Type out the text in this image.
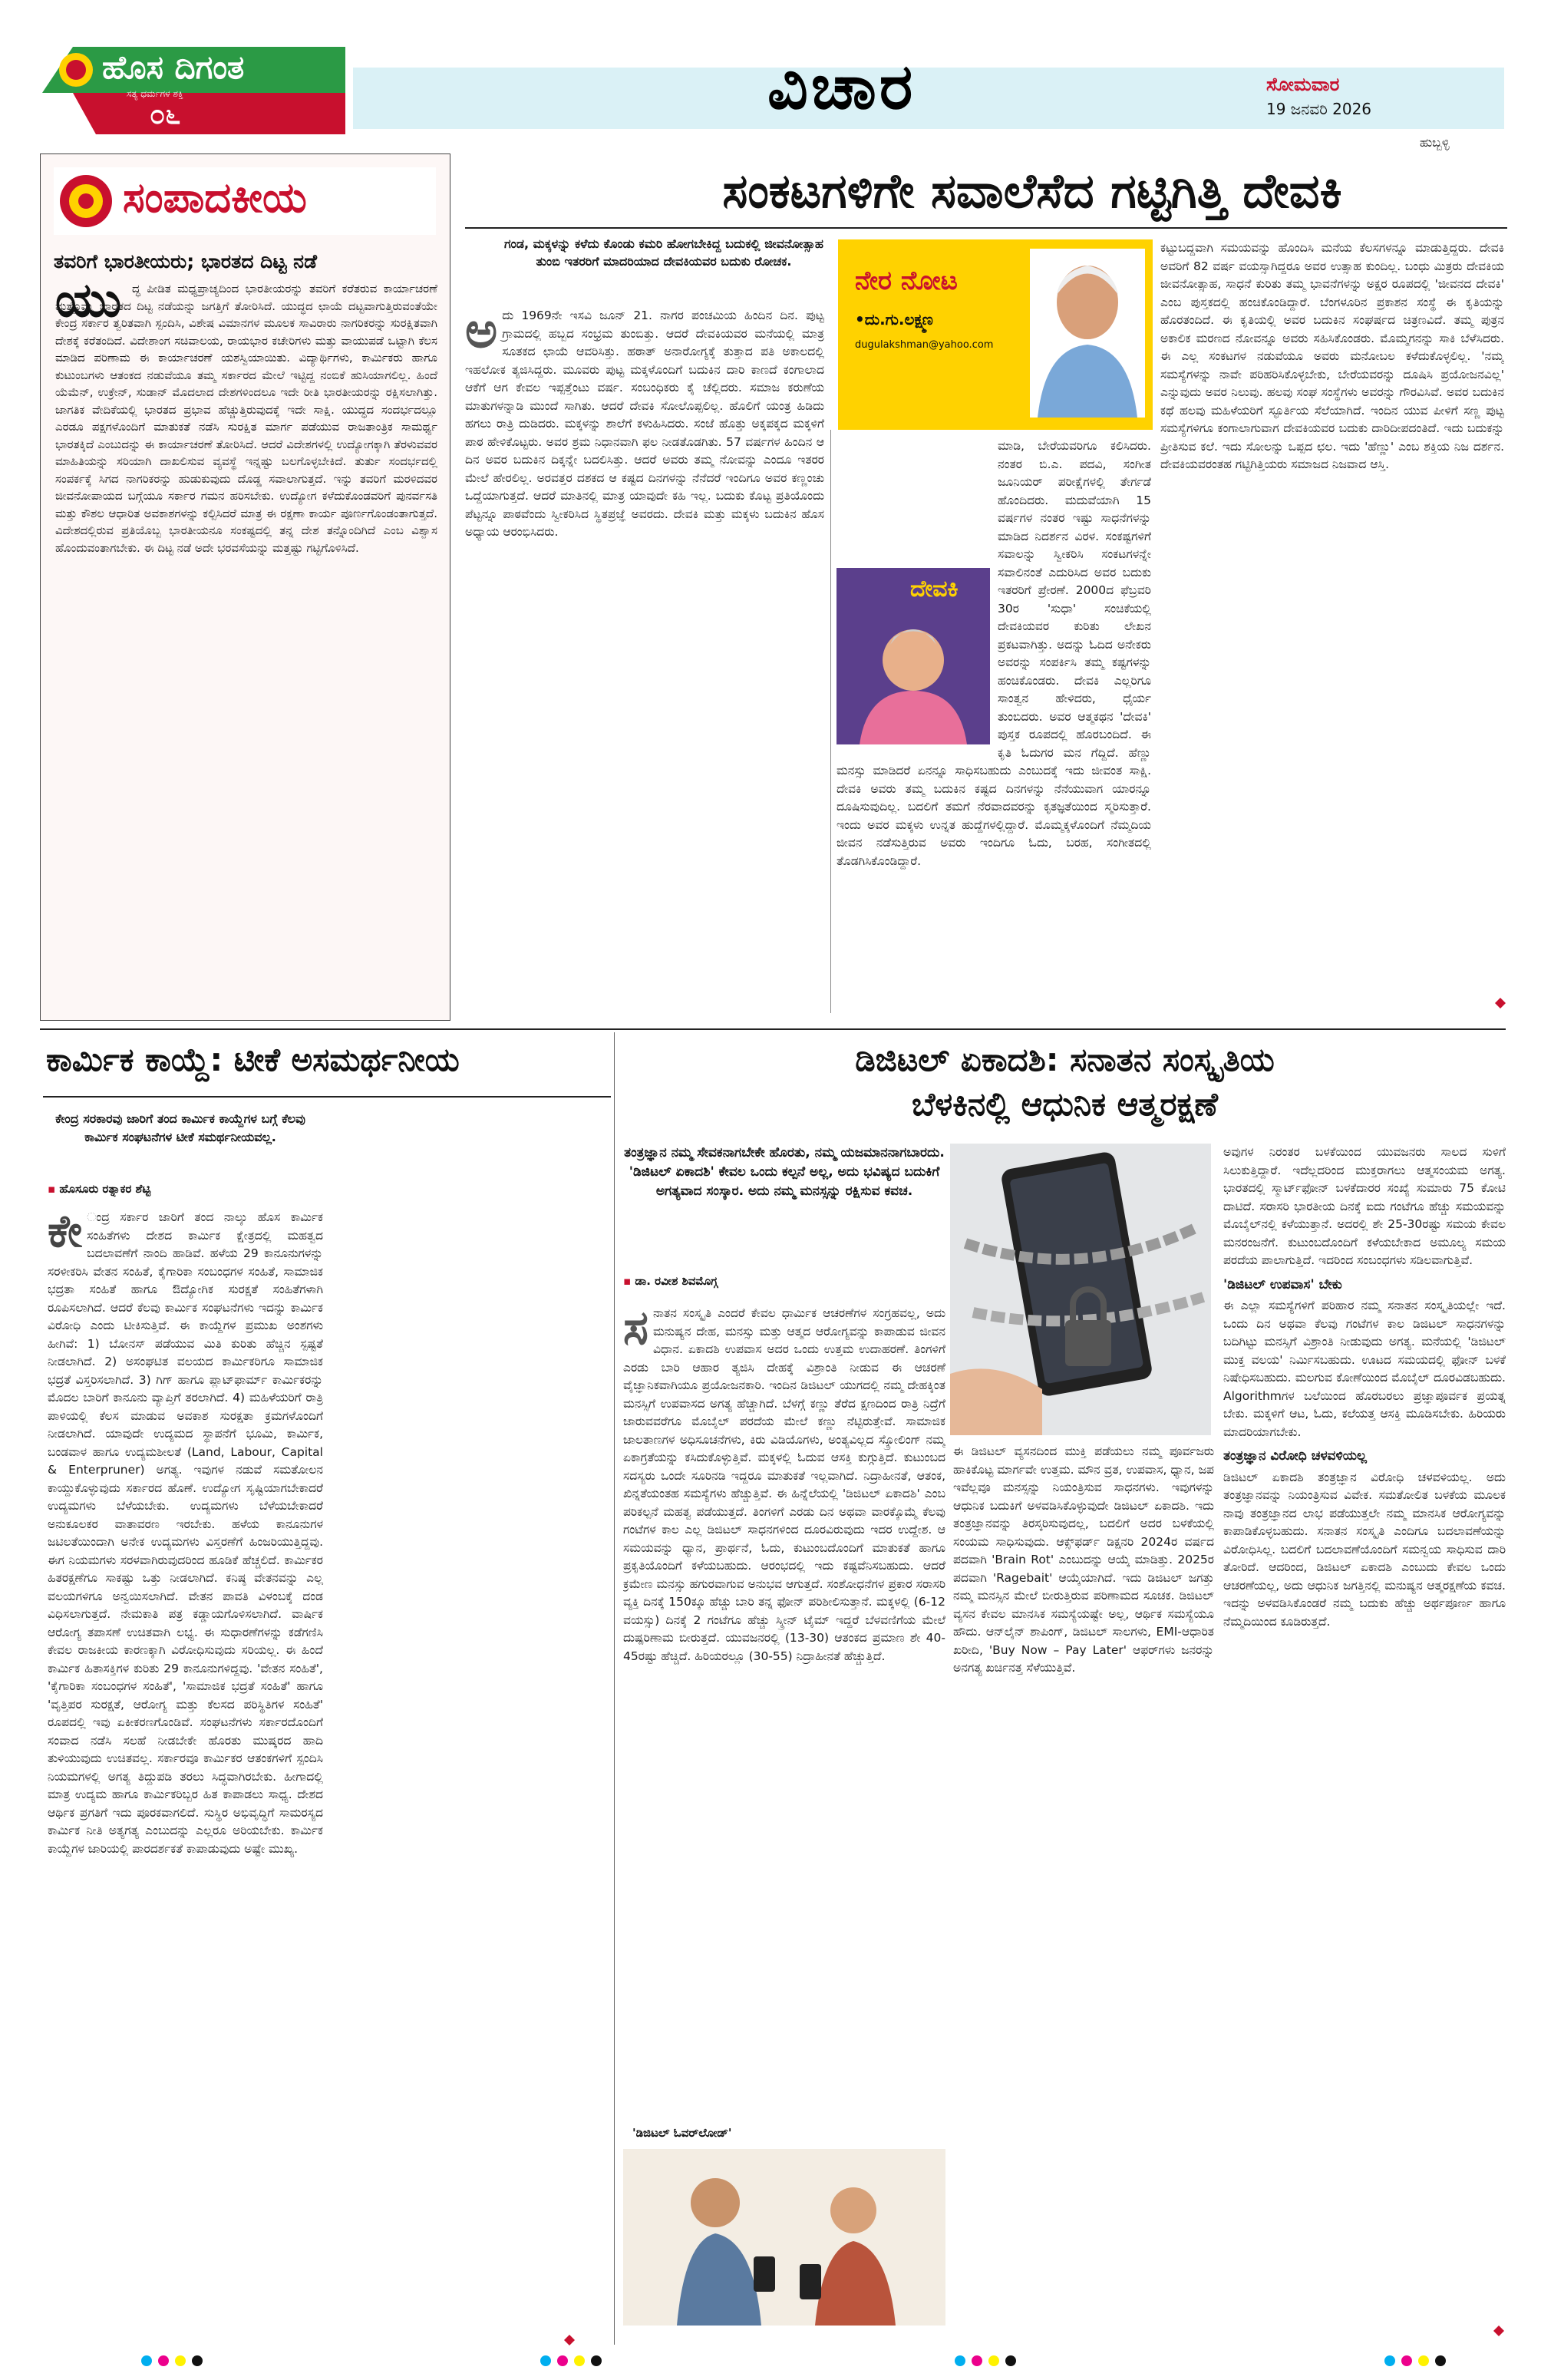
ಹೊಸ ದಿಗಂತ
ಸತ್ಯ ಧರ್ಮಗಳ ಶಕ್ತಿ
೦೬	ವಿಚಾರ	ಸೋಮವಾರ
19 ಜನವರಿ 2026
ಹುಬ್ಬಳ್ಳಿ
ಸಂಪಾದಕೀಯ
ತವರಿಗೆ ಭಾರತೀಯರು; ಭಾರತದ ದಿಟ್ಟ ನಡೆ
ಯು ದ್ಧ ಪೀಡಿತ ಮಧ್ಯಪ್ರಾಚ್ಯದಿಂದ ಭಾರತೀಯರನ್ನು ತವರಿಗೆ ಕರೆತರುವ ಕಾರ್ಯಾಚರಣೆ ಮತ್ತೊಮ್ಮೆ ಭಾರತದ ದಿಟ್ಟ ನಡೆಯನ್ನು ಜಗತ್ತಿಗೆ ತೋರಿಸಿದೆ. ಯುದ್ಧದ ಛಾಯೆ ದಟ್ಟವಾಗುತ್ತಿರುವಂತೆಯೇ ಕೇಂದ್ರ ಸರ್ಕಾರ ತ್ವರಿತವಾಗಿ ಸ್ಪಂದಿಸಿ, ವಿಶೇಷ ವಿಮಾನಗಳ ಮೂಲಕ ಸಾವಿರಾರು ನಾಗರಿಕರನ್ನು ಸುರಕ್ಷಿತವಾಗಿ ದೇಶಕ್ಕೆ ಕರೆತಂದಿದೆ. ವಿದೇಶಾಂಗ ಸಚಿವಾಲಯ, ರಾಯಭಾರ ಕಚೇರಿಗಳು ಮತ್ತು ವಾಯುಪಡೆ ಒಟ್ಟಾಗಿ ಕೆಲಸ ಮಾಡಿದ ಪರಿಣಾಮ ಈ ಕಾರ್ಯಾಚರಣೆ ಯಶಸ್ವಿಯಾಯಿತು. ವಿದ್ಯಾರ್ಥಿಗಳು, ಕಾರ್ಮಿಕರು ಹಾಗೂ ಕುಟುಂಬಗಳು ಆತಂಕದ ನಡುವೆಯೂ ತಮ್ಮ ಸರ್ಕಾರದ ಮೇಲೆ ಇಟ್ಟಿದ್ದ ನಂಬಿಕೆ ಹುಸಿಯಾಗಲಿಲ್ಲ. ಹಿಂದೆ ಯೆಮೆನ್, ಉಕ್ರೇನ್, ಸುಡಾನ್ ಮೊದಲಾದ ದೇಶಗಳಿಂದಲೂ ಇದೇ ರೀತಿ ಭಾರತೀಯರನ್ನು ರಕ್ಷಿಸಲಾಗಿತ್ತು. ಜಾಗತಿಕ ವೇದಿಕೆಯಲ್ಲಿ ಭಾರತದ ಪ್ರಭಾವ ಹೆಚ್ಚುತ್ತಿರುವುದಕ್ಕೆ ಇದೇ ಸಾಕ್ಷಿ. ಯುದ್ಧದ ಸಂದರ್ಭದಲ್ಲೂ ಎರಡೂ ಪಕ್ಷಗಳೊಂದಿಗೆ ಮಾತುಕತೆ ನಡೆಸಿ ಸುರಕ್ಷಿತ ಮಾರ್ಗ ಪಡೆಯುವ ರಾಜತಾಂತ್ರಿಕ ಸಾಮರ್ಥ್ಯ ಭಾರತಕ್ಕಿದೆ ಎಂಬುದನ್ನು ಈ ಕಾರ್ಯಾಚರಣೆ ತೋರಿಸಿದೆ. ಆದರೆ ವಿದೇಶಗಳಲ್ಲಿ ಉದ್ಯೋಗಕ್ಕಾಗಿ ತೆರಳುವವರ ಮಾಹಿತಿಯನ್ನು ಸರಿಯಾಗಿ ದಾಖಲಿಸುವ ವ್ಯವಸ್ಥೆ ಇನ್ನಷ್ಟು ಬಲಗೊಳ್ಳಬೇಕಿದೆ. ತುರ್ತು ಸಂದರ್ಭದಲ್ಲಿ ಸಂಪರ್ಕಕ್ಕೆ ಸಿಗದ ನಾಗರಿಕರನ್ನು ಹುಡುಕುವುದು ದೊಡ್ಡ ಸವಾಲಾಗುತ್ತದೆ. ಇನ್ನು ತವರಿಗೆ ಮರಳಿದವರ ಜೀವನೋಪಾಯದ ಬಗ್ಗೆಯೂ ಸರ್ಕಾರ ಗಮನ ಹರಿಸಬೇಕು. ಉದ್ಯೋಗ ಕಳೆದುಕೊಂಡವರಿಗೆ ಪುನರ್ವಸತಿ ಮತ್ತು ಕೌಶಲ ಆಧಾರಿತ ಅವಕಾಶಗಳನ್ನು ಕಲ್ಪಿಸಿದರೆ ಮಾತ್ರ ಈ ರಕ್ಷಣಾ ಕಾರ್ಯ ಪೂರ್ಣಗೊಂಡಂತಾಗುತ್ತದೆ. ವಿದೇಶದಲ್ಲಿರುವ ಪ್ರತಿಯೊಬ್ಬ ಭಾರತೀಯನೂ ಸಂಕಷ್ಟದಲ್ಲಿ ತನ್ನ ದೇಶ ತನ್ನೊಂದಿಗಿದೆ ಎಂಬ ವಿಶ್ವಾಸ ಹೊಂದುವಂತಾಗಬೇಕು. ಈ ದಿಟ್ಟ ನಡೆ ಅದೇ ಭರವಸೆಯನ್ನು ಮತ್ತಷ್ಟು ಗಟ್ಟಿಗೊಳಿಸಿದೆ.

ಸಂಕಟಗಳಿಗೇ ಸವಾಲೆಸೆದ ಗಟ್ಟಿಗಿತ್ತಿ ದೇವಕಿ
ಗಂಡ, ಮಕ್ಕಳನ್ನು ಕಳೆದು ಕೊಂಡು ಕಮರಿ ಹೋಗಬೇಕಿದ್ದ ಬದುಕಲ್ಲಿ ಜೀವನೋತ್ಸಾಹ ತುಂಬಿ ಇತರರಿಗೆ ಮಾದರಿಯಾದ ದೇವಕಿಯವರ ಬದುಕು ರೋಚಕ.
ನೇರ ನೋಟ
•ದು.ಗು.ಲಕ್ಷ್ಮಣ
dugulakshman@yahoo.com
ಅ ದು 1969ನೇ ಇಸವಿ ಜೂನ್ 21. ನಾಗರ ಪಂಚಮಿಯ ಹಿಂದಿನ ದಿನ. ಪುಟ್ಟ ಗ್ರಾಮದಲ್ಲಿ ಹಬ್ಬದ ಸಂಭ್ರಮ ತುಂಬಿತ್ತು. ಆದರೆ ದೇವಕಿಯವರ ಮನೆಯಲ್ಲಿ ಮಾತ್ರ ಸೂತಕದ ಛಾಯೆ ಆವರಿಸಿತ್ತು. ಹಠಾತ್ ಅನಾರೋಗ್ಯಕ್ಕೆ ತುತ್ತಾದ ಪತಿ ಅಕಾಲದಲ್ಲಿ ಇಹಲೋಕ ತ್ಯಜಿಸಿದ್ದರು. ಮೂವರು ಪುಟ್ಟ ಮಕ್ಕಳೊಂದಿಗೆ ಬದುಕಿನ ದಾರಿ ಕಾಣದೆ ಕಂಗಾಲಾದ ಆಕೆಗೆ ಆಗ ಕೇವಲ ಇಪ್ಪತ್ತೆಂಟು ವರ್ಷ. ಸಂಬಂಧಿಕರು ಕೈ ಚೆಲ್ಲಿದರು. ಸಮಾಜ ಕರುಣೆಯ ಮಾತುಗಳನ್ನಾಡಿ ಮುಂದೆ ಸಾಗಿತು. ಆದರೆ ದೇವಕಿ ಸೋಲೊಪ್ಪಲಿಲ್ಲ. ಹೊಲಿಗೆ ಯಂತ್ರ ಹಿಡಿದು ಹಗಲು ರಾತ್ರಿ ದುಡಿದರು. ಮಕ್ಕಳನ್ನು ಶಾಲೆಗೆ ಕಳುಹಿಸಿದರು. ಸಂಜೆ ಹೊತ್ತು ಅಕ್ಕಪಕ್ಕದ ಮಕ್ಕಳಿಗೆ ಪಾಠ ಹೇಳಿಕೊಟ್ಟರು. ಅವರ ಶ್ರಮ ನಿಧಾನವಾಗಿ ಫಲ ನೀಡತೊಡಗಿತು. 57 ವರ್ಷಗಳ ಹಿಂದಿನ ಆ ದಿನ ಅವರ ಬದುಕಿನ ದಿಕ್ಕನ್ನೇ ಬದಲಿಸಿತ್ತು. ಆದರೆ ಅವರು ತಮ್ಮ ನೋವನ್ನು ಎಂದೂ ಇತರರ ಮೇಲೆ ಹೇರಲಿಲ್ಲ. ಅರವತ್ತರ ದಶಕದ ಆ ಕಷ್ಟದ ದಿನಗಳನ್ನು ನೆನೆದರೆ ಇಂದಿಗೂ ಅವರ ಕಣ್ಣಂಚು ಒದ್ದೆಯಾಗುತ್ತದೆ. ಆದರೆ ಮಾತಿನಲ್ಲಿ ಮಾತ್ರ ಯಾವುದೇ ಕಹಿ ಇಲ್ಲ. ಬದುಕು ಕೊಟ್ಟ ಪ್ರತಿಯೊಂದು ಪೆಟ್ಟನ್ನೂ ಪಾಠವೆಂದು ಸ್ವೀಕರಿಸಿದ ಸ್ಥಿತಪ್ರಜ್ಞೆ ಅವರದು. ದೇವಕಿ ಮತ್ತು ಮಕ್ಕಳು ಬದುಕಿನ ಹೊಸ ಅಧ್ಯಾಯ ಆರಂಭಿಸಿದರು.
ದೇವಕಿ
ಮಾಡಿ, ಬೇರೆಯವರಿಗೂ ಕಲಿಸಿದರು. ನಂತರ ಬಿ.ಎ. ಪದವಿ, ಸಂಗೀತ ಜೂನಿಯರ್ ಪರೀಕ್ಷೆಗಳಲ್ಲಿ ತೇರ್ಗಡೆ ಹೊಂದಿದರು. ಮದುವೆಯಾಗಿ 15 ವರ್ಷಗಳ ನಂತರ ಇಷ್ಟು ಸಾಧನೆಗಳನ್ನು ಮಾಡಿದ ನಿದರ್ಶನ ವಿರಳ. ಸಂಕಷ್ಟಗಳಿಗೆ ಸವಾಲನ್ನು ಸ್ವೀಕರಿಸಿ ಸಂಕಟಗಳನ್ನೇ ಸವಾಲಿನಂತೆ ಎದುರಿಸಿದ ಅವರ ಬದುಕು ಇತರರಿಗೆ ಪ್ರೇರಣೆ. 2000ದ ಫೆಬ್ರವರಿ 30ರ 'ಸುಧಾ' ಸಂಚಿಕೆಯಲ್ಲಿ ದೇವಕಿಯವರ ಕುರಿತು ಲೇಖನ ಪ್ರಕಟವಾಗಿತ್ತು. ಅದನ್ನು ಓದಿದ ಅನೇಕರು ಅವರನ್ನು ಸಂಪರ್ಕಿಸಿ ತಮ್ಮ ಕಷ್ಟಗಳನ್ನು ಹಂಚಿಕೊಂಡರು. ದೇವಕಿ ಎಲ್ಲರಿಗೂ ಸಾಂತ್ವನ ಹೇಳಿದರು, ಧೈರ್ಯ ತುಂಬಿದರು. ಅವರ ಆತ್ಮಕಥನ 'ದೇವಕಿ' ಪುಸ್ತಕ ರೂಪದಲ್ಲಿ ಹೊರಬಂದಿದೆ. ಈ ಕೃತಿ ಓದುಗರ ಮನ ಗೆದ್ದಿದೆ. ಹೆಣ್ಣು ಮನಸ್ಸು ಮಾಡಿದರೆ ಏನನ್ನೂ ಸಾಧಿಸಬಹುದು ಎಂಬುದಕ್ಕೆ ಇದು ಜೀವಂತ ಸಾಕ್ಷಿ. ದೇವಕಿ ಅವರು ತಮ್ಮ ಬದುಕಿನ ಕಷ್ಟದ ದಿನಗಳನ್ನು ನೆನೆಯುವಾಗ ಯಾರನ್ನೂ ದೂಷಿಸುವುದಿಲ್ಲ. ಬದಲಿಗೆ ತಮಗೆ ನೆರವಾದವರನ್ನು ಕೃತಜ್ಞತೆಯಿಂದ ಸ್ಮರಿಸುತ್ತಾರೆ. ಇಂದು ಅವರ ಮಕ್ಕಳು ಉನ್ನತ ಹುದ್ದೆಗಳಲ್ಲಿದ್ದಾರೆ. ಮೊಮ್ಮಕ್ಕಳೊಂದಿಗೆ ನೆಮ್ಮದಿಯ ಜೀವನ ನಡೆಸುತ್ತಿರುವ ಅವರು ಇಂದಿಗೂ ಓದು, ಬರಹ, ಸಂಗೀತದಲ್ಲಿ ತೊಡಗಿಸಿಕೊಂಡಿದ್ದಾರೆ.
ಕಟ್ಟುಬದ್ದವಾಗಿ ಸಮಯವನ್ನು ಹೊಂದಿಸಿ ಮನೆಯ ಕೆಲಸಗಳನ್ನೂ ಮಾಡುತ್ತಿದ್ದರು. ದೇವಕಿ ಅವರಿಗೆ 82 ವರ್ಷ ವಯಸ್ಸಾಗಿದ್ದರೂ ಅವರ ಉತ್ಸಾಹ ಕುಂದಿಲ್ಲ. ಬಂಧು ಮಿತ್ರರು ದೇವಕಿಯ ಜೀವನೋತ್ಸಾಹ, ಸಾಧನೆ ಕುರಿತು ತಮ್ಮ ಭಾವನೆಗಳನ್ನು ಅಕ್ಷರ ರೂಪದಲ್ಲಿ 'ಜೀವನದ ದೇವಕಿ' ಎಂಬ ಪುಸ್ತಕದಲ್ಲಿ ಹಂಚಿಕೊಂಡಿದ್ದಾರೆ. ಬೆಂಗಳೂರಿನ ಪ್ರಕಾಶನ ಸಂಸ್ಥೆ ಈ ಕೃತಿಯನ್ನು ಹೊರತಂದಿದೆ. ಈ ಕೃತಿಯಲ್ಲಿ ಅವರ ಬದುಕಿನ ಸಂಘರ್ಷದ ಚಿತ್ರಣವಿದೆ. ತಮ್ಮ ಪುತ್ರನ ಅಕಾಲಿಕ ಮರಣದ ನೋವನ್ನೂ ಅವರು ಸಹಿಸಿಕೊಂಡರು. ಮೊಮ್ಮಗನನ್ನು ಸಾಕಿ ಬೆಳೆಸಿದರು. ಈ ಎಲ್ಲ ಸಂಕಟಗಳ ನಡುವೆಯೂ ಅವರು ಮನೋಬಲ ಕಳೆದುಕೊಳ್ಳಲಿಲ್ಲ. 'ನಮ್ಮ ಸಮಸ್ಯೆಗಳನ್ನು ನಾವೇ ಪರಿಹರಿಸಿಕೊಳ್ಳಬೇಕು, ಬೇರೆಯವರನ್ನು ದೂಷಿಸಿ ಪ್ರಯೋಜನವಿಲ್ಲ' ಎನ್ನುವುದು ಅವರ ನಿಲುವು. ಹಲವು ಸಂಘ ಸಂಸ್ಥೆಗಳು ಅವರನ್ನು ಗೌರವಿಸಿವೆ. ಅವರ ಬದುಕಿನ ಕಥೆ ಹಲವು ಮಹಿಳೆಯರಿಗೆ ಸ್ಫೂರ್ತಿಯ ಸೆಲೆಯಾಗಿದೆ. ಇಂದಿನ ಯುವ ಪೀಳಿಗೆ ಸಣ್ಣ ಪುಟ್ಟ ಸಮಸ್ಯೆಗಳಿಗೂ ಕಂಗಾಲಾಗುವಾಗ ದೇವಕಿಯವರ ಬದುಕು ದಾರಿದೀಪದಂತಿದೆ. ಇದು ಬದುಕನ್ನು ಪ್ರೀತಿಸುವ ಕಲೆ. ಇದು ಸೋಲನ್ನು ಒಪ್ಪದ ಛಲ. ಇದು 'ಹೆಣ್ಣು' ಎಂಬ ಶಕ್ತಿಯ ನಿಜ ದರ್ಶನ. ದೇವಕಿಯವರಂತಹ ಗಟ್ಟಿಗಿತ್ತಿಯರು ಸಮಾಜದ ನಿಜವಾದ ಆಸ್ತಿ.
ಕಾರ್ಮಿಕ ಕಾಯ್ದೆ: ಟೀಕೆ ಅಸಮರ್ಥನೀಯ
ಕೇಂದ್ರ ಸರಕಾರವು ಜಾರಿಗೆ ತಂದ ಕಾರ್ಮಿಕ ಕಾಯ್ದೆಗಳ ಬಗ್ಗೆ ಕೆಲವು ಕಾರ್ಮಿಕ ಸಂಘಟನೆಗಳ ಟೀಕೆ ಸಮರ್ಥನೀಯವಲ್ಲ.
▪ ಹೊಸೂರು ರತ್ನಾಕರ ಶೆಟ್ಟಿ
ಕೇ ಂದ್ರ ಸರ್ಕಾರ ಜಾರಿಗೆ ತಂದ ನಾಲ್ಕು ಹೊಸ ಕಾರ್ಮಿಕ ಸಂಹಿತೆಗಳು ದೇಶದ ಕಾರ್ಮಿಕ ಕ್ಷೇತ್ರದಲ್ಲಿ ಮಹತ್ವದ ಬದಲಾವಣೆಗೆ ನಾಂದಿ ಹಾಡಿವೆ. ಹಳೆಯ 29 ಕಾನೂನುಗಳನ್ನು ಸರಳೀಕರಿಸಿ ವೇತನ ಸಂಹಿತೆ, ಕೈಗಾರಿಕಾ ಸಂಬಂಧಗಳ ಸಂಹಿತೆ, ಸಾಮಾಜಿಕ ಭದ್ರತಾ ಸಂಹಿತೆ ಹಾಗೂ ಔದ್ಯೋಗಿಕ ಸುರಕ್ಷತೆ ಸಂಹಿತೆಗಳಾಗಿ ರೂಪಿಸಲಾಗಿದೆ. ಆದರೆ ಕೆಲವು ಕಾರ್ಮಿಕ ಸಂಘಟನೆಗಳು ಇದನ್ನು ಕಾರ್ಮಿಕ ವಿರೋಧಿ ಎಂದು ಟೀಕಿಸುತ್ತಿವೆ. ಈ ಕಾಯ್ದೆಗಳ ಪ್ರಮುಖ ಅಂಶಗಳು ಹೀಗಿವೆ: 1) ಬೋನಸ್ ಪಡೆಯುವ ಮಿತಿ ಕುರಿತು ಹೆಚ್ಚಿನ ಸ್ಪಷ್ಟತೆ ನೀಡಲಾಗಿದೆ. 2) ಅಸಂಘಟಿತ ವಲಯದ ಕಾರ್ಮಿಕರಿಗೂ ಸಾಮಾಜಿಕ ಭದ್ರತೆ ವಿಸ್ತರಿಸಲಾಗಿದೆ. 3) ಗಿಗ್ ಹಾಗೂ ಪ್ಲಾಟ್‌ಫಾರ್ಮ್ ಕಾರ್ಮಿಕರನ್ನು ಮೊದಲ ಬಾರಿಗೆ ಕಾನೂನು ವ್ಯಾಪ್ತಿಗೆ ತರಲಾಗಿದೆ. 4) ಮಹಿಳೆಯರಿಗೆ ರಾತ್ರಿ ಪಾಳಿಯಲ್ಲಿ ಕೆಲಸ ಮಾಡುವ ಅವಕಾಶ ಸುರಕ್ಷತಾ ಕ್ರಮಗಳೊಂದಿಗೆ ನೀಡಲಾಗಿದೆ. ಯಾವುದೇ ಉದ್ಯಮದ ಸ್ಥಾಪನೆಗೆ ಭೂಮಿ, ಕಾರ್ಮಿಕ, ಬಂಡವಾಳ ಹಾಗೂ ಉದ್ಯಮಶೀಲತೆ (Land, Labour, Capital & Enterpruner) ಅಗತ್ಯ. ಇವುಗಳ ನಡುವೆ ಸಮತೋಲನ ಕಾಯ್ದುಕೊಳ್ಳುವುದು ಸರ್ಕಾರದ ಹೊಣೆ. ಉದ್ಯೋಗ ಸೃಷ್ಟಿಯಾಗಬೇಕಾದರೆ ಉದ್ಯಮಗಳು ಬೆಳೆಯಬೇಕು. ಉದ್ಯಮಗಳು ಬೆಳೆಯಬೇಕಾದರೆ ಅನುಕೂಲಕರ ವಾತಾವರಣ ಇರಬೇಕು. ಹಳೆಯ ಕಾನೂನುಗಳ ಜಟಿಲತೆಯಿಂದಾಗಿ ಅನೇಕ ಉದ್ಯಮಗಳು ವಿಸ್ತರಣೆಗೆ ಹಿಂಜರಿಯುತ್ತಿದ್ದವು. ಈಗ ನಿಯಮಗಳು ಸರಳವಾಗಿರುವುದರಿಂದ ಹೂಡಿಕೆ ಹೆಚ್ಚಲಿದೆ. ಕಾರ್ಮಿಕರ ಹಿತರಕ್ಷಣೆಗೂ ಸಾಕಷ್ಟು ಒತ್ತು ನೀಡಲಾಗಿದೆ. ಕನಿಷ್ಠ ವೇತನವನ್ನು ಎಲ್ಲ ವಲಯಗಳಿಗೂ ಅನ್ವಯಿಸಲಾಗಿದೆ. ವೇತನ ಪಾವತಿ ವಿಳಂಬಕ್ಕೆ ದಂಡ ವಿಧಿಸಲಾಗುತ್ತದೆ. ನೇಮಕಾತಿ ಪತ್ರ ಕಡ್ಡಾಯಗೊಳಿಸಲಾಗಿದೆ. ವಾರ್ಷಿಕ ಆರೋಗ್ಯ ತಪಾಸಣೆ ಉಚಿತವಾಗಿ ಲಭ್ಯ. ಈ ಸುಧಾರಣೆಗಳನ್ನು ಕಡೆಗಣಿಸಿ ಕೇವಲ ರಾಜಕೀಯ ಕಾರಣಕ್ಕಾಗಿ ವಿರೋಧಿಸುವುದು ಸರಿಯಲ್ಲ. ಈ ಹಿಂದೆ ಕಾರ್ಮಿಕ ಹಿತಾಸಕ್ತಿಗಳ ಕುರಿತು 29 ಕಾನೂನುಗಳಿದ್ದವು. 'ವೇತನ ಸಂಹಿತೆ', 'ಕೈಗಾರಿಕಾ ಸಂಬಂಧಗಳ ಸಂಹಿತೆ', 'ಸಾಮಾಜಿಕ ಭದ್ರತೆ ಸಂಹಿತೆ' ಹಾಗೂ 'ವೃತ್ತಿಪರ ಸುರಕ್ಷತೆ, ಆರೋಗ್ಯ ಮತ್ತು ಕೆಲಸದ ಪರಿಸ್ಥಿತಿಗಳ ಸಂಹಿತೆ' ರೂಪದಲ್ಲಿ ಇವು ಏಕೀಕರಣಗೊಂಡಿವೆ. ಸಂಘಟನೆಗಳು ಸರ್ಕಾರದೊಂದಿಗೆ ಸಂವಾದ ನಡೆಸಿ ಸಲಹೆ ನೀಡಬೇಕೇ ಹೊರತು ಮುಷ್ಕರದ ಹಾದಿ ತುಳಿಯುವುದು ಉಚಿತವಲ್ಲ. ಸರ್ಕಾರವೂ ಕಾರ್ಮಿಕರ ಆತಂಕಗಳಿಗೆ ಸ್ಪಂದಿಸಿ ನಿಯಮಗಳಲ್ಲಿ ಅಗತ್ಯ ತಿದ್ದುಪಡಿ ತರಲು ಸಿದ್ಧವಾಗಿರಬೇಕು. ಹೀಗಾದಲ್ಲಿ ಮಾತ್ರ ಉದ್ಯಮ ಹಾಗೂ ಕಾರ್ಮಿಕರಿಬ್ಬರ ಹಿತ ಕಾಪಾಡಲು ಸಾಧ್ಯ. ದೇಶದ ಆರ್ಥಿಕ ಪ್ರಗತಿಗೆ ಇದು ಪೂರಕವಾಗಲಿದೆ. ಸುಸ್ಥಿರ ಅಭಿವೃದ್ಧಿಗೆ ಸಾಮರಸ್ಯದ ಕಾರ್ಮಿಕ ನೀತಿ ಅತ್ಯಗತ್ಯ ಎಂಬುದನ್ನು ಎಲ್ಲರೂ ಅರಿಯಬೇಕು. ಕಾರ್ಮಿಕ ಕಾಯ್ದೆಗಳ ಜಾರಿಯಲ್ಲಿ ಪಾರದರ್ಶಕತೆ ಕಾಪಾಡುವುದು ಅಷ್ಟೇ ಮುಖ್ಯ.
ಡಿಜಿಟಲ್ ಏಕಾದಶಿ: ಸನಾತನ ಸಂಸ್ಕೃತಿಯ
ಬೆಳಕಿನಲ್ಲಿ ಆಧುನಿಕ ಆತ್ಮರಕ್ಷಣೆ
ತಂತ್ರಜ್ಞಾನ ನಮ್ಮ ಸೇವಕನಾಗಬೇಕೇ ಹೊರತು, ನಮ್ಮ ಯಜಮಾನನಾಗಬಾರದು. 'ಡಿಜಿಟಲ್ ಏಕಾದಶಿ' ಕೇವಲ ಒಂದು ಕಲ್ಪನೆ ಅಲ್ಲ, ಅದು ಭವಿಷ್ಯದ ಬದುಕಿಗೆ ಅಗತ್ಯವಾದ ಸಂಸ್ಕಾರ. ಅದು ನಮ್ಮ ಮನಸ್ಸನ್ನು ರಕ್ಷಿಸುವ ಕವಚ.
▪ ಡಾ. ರವೀಶ ಶಿವಮೊಗ್ಗ
ಸ ನಾತನ ಸಂಸ್ಕೃತಿ ಎಂದರೆ ಕೇವಲ ಧಾರ್ಮಿಕ ಆಚರಣೆಗಳ ಸಂಗ್ರಹವಲ್ಲ, ಅದು ಮನುಷ್ಯನ ದೇಹ, ಮನಸ್ಸು ಮತ್ತು ಆತ್ಮದ ಆರೋಗ್ಯವನ್ನು ಕಾಪಾಡುವ ಜೀವನ ವಿಧಾನ. ಏಕಾದಶಿ ಉಪವಾಸ ಅದರ ಒಂದು ಉತ್ತಮ ಉದಾಹರಣೆ. ತಿಂಗಳಿಗೆ ಎರಡು ಬಾರಿ ಆಹಾರ ತ್ಯಜಿಸಿ ದೇಹಕ್ಕೆ ವಿಶ್ರಾಂತಿ ನೀಡುವ ಈ ಆಚರಣೆ ವೈಜ್ಞಾನಿಕವಾಗಿಯೂ ಪ್ರಯೋಜನಕಾರಿ. ಇಂದಿನ ಡಿಜಿಟಲ್ ಯುಗದಲ್ಲಿ ನಮ್ಮ ದೇಹಕ್ಕಿಂತ ಮನಸ್ಸಿಗೆ ಉಪವಾಸದ ಅಗತ್ಯ ಹೆಚ್ಚಾಗಿದೆ. ಬೆಳಗ್ಗೆ ಕಣ್ಣು ತೆರೆದ ಕ್ಷಣದಿಂದ ರಾತ್ರಿ ನಿದ್ರೆಗೆ ಜಾರುವವರೆಗೂ ಮೊಬೈಲ್ ಪರದೆಯ ಮೇಲೆ ಕಣ್ಣು ನೆಟ್ಟಿರುತ್ತೇವೆ. ಸಾಮಾಜಿಕ ಜಾಲತಾಣಗಳ ಅಧಿಸೂಚನೆಗಳು, ಕಿರು ವಿಡಿಯೊಗಳು, ಅಂತ್ಯವಿಲ್ಲದ ಸ್ಕ್ರೋಲಿಂಗ್ ನಮ್ಮ ಏಕಾಗ್ರತೆಯನ್ನು ಕಸಿದುಕೊಳ್ಳುತ್ತಿವೆ. ಮಕ್ಕಳಲ್ಲಿ ಓದುವ ಆಸಕ್ತಿ ಕುಗ್ಗುತ್ತಿದೆ. ಕುಟುಂಬದ ಸದಸ್ಯರು ಒಂದೇ ಸೂರಿನಡಿ ಇದ್ದರೂ ಮಾತುಕತೆ ಇಲ್ಲವಾಗಿದೆ. ನಿದ್ರಾಹೀನತೆ, ಆತಂಕ, ಖಿನ್ನತೆಯಂತಹ ಸಮಸ್ಯೆಗಳು ಹೆಚ್ಚುತ್ತಿವೆ. ಈ ಹಿನ್ನೆಲೆಯಲ್ಲಿ 'ಡಿಜಿಟಲ್ ಏಕಾದಶಿ' ಎಂಬ ಪರಿಕಲ್ಪನೆ ಮಹತ್ವ ಪಡೆಯುತ್ತದೆ. ತಿಂಗಳಿಗೆ ಎರಡು ದಿನ ಅಥವಾ ವಾರಕ್ಕೊಮ್ಮೆ ಕೆಲವು ಗಂಟೆಗಳ ಕಾಲ ಎಲ್ಲ ಡಿಜಿಟಲ್ ಸಾಧನಗಳಿಂದ ದೂರವಿರುವುದು ಇದರ ಉದ್ದೇಶ. ಆ ಸಮಯವನ್ನು ಧ್ಯಾನ, ಪ್ರಾರ್ಥನೆ, ಓದು, ಕುಟುಂಬದೊಂದಿಗೆ ಮಾತುಕತೆ ಹಾಗೂ ಪ್ರಕೃತಿಯೊಂದಿಗೆ ಕಳೆಯಬಹುದು. ಆರಂಭದಲ್ಲಿ ಇದು ಕಷ್ಟವೆನಿಸಬಹುದು. ಆದರೆ ಕ್ರಮೇಣ ಮನಸ್ಸು ಹಗುರವಾಗುವ ಅನುಭವ ಆಗುತ್ತದೆ. ಸಂಶೋಧನೆಗಳ ಪ್ರಕಾರ ಸರಾಸರಿ ವ್ಯಕ್ತಿ ದಿನಕ್ಕೆ 150ಕ್ಕೂ ಹೆಚ್ಚು ಬಾರಿ ತನ್ನ ಫೋನ್ ಪರಿಶೀಲಿಸುತ್ತಾನೆ. ಮಕ್ಕಳಲ್ಲಿ (6-12 ವಯಸ್ಸು) ದಿನಕ್ಕೆ 2 ಗಂಟೆಗೂ ಹೆಚ್ಚು ಸ್ಕ್ರೀನ್ ಟೈಮ್ ಇದ್ದರೆ ಬೆಳವಣಿಗೆಯ ಮೇಲೆ ದುಷ್ಪರಿಣಾಮ ಬೀರುತ್ತದೆ. ಯುವಜನರಲ್ಲಿ (13-30) ಆತಂಕದ ಪ್ರಮಾಣ ಶೇ 40-45ರಷ್ಟು ಹೆಚ್ಚಿದೆ. ಹಿರಿಯರಲ್ಲೂ (30-55) ನಿದ್ರಾಹೀನತೆ ಹೆಚ್ಚುತ್ತಿದೆ.
'ಡಿಜಿಟಲ್ ಓವರ್‌ಲೋಡ್'
ಈ ಡಿಜಿಟಲ್ ವ್ಯಸನದಿಂದ ಮುಕ್ತಿ ಪಡೆಯಲು ನಮ್ಮ ಪೂರ್ವಜರು ಹಾಕಿಕೊಟ್ಟ ಮಾರ್ಗವೇ ಉತ್ತಮ. ಮೌನ ವ್ರತ, ಉಪವಾಸ, ಧ್ಯಾನ, ಜಪ ಇವೆಲ್ಲವೂ ಮನಸ್ಸನ್ನು ನಿಯಂತ್ರಿಸುವ ಸಾಧನಗಳು. ಇವುಗಳನ್ನು ಆಧುನಿಕ ಬದುಕಿಗೆ ಅಳವಡಿಸಿಕೊಳ್ಳುವುದೇ ಡಿಜಿಟಲ್ ಏಕಾದಶಿ. ಇದು ತಂತ್ರಜ್ಞಾನವನ್ನು ತಿರಸ್ಕರಿಸುವುದಲ್ಲ, ಬದಲಿಗೆ ಅದರ ಬಳಕೆಯಲ್ಲಿ ಸಂಯಮ ಸಾಧಿಸುವುದು. ಆಕ್ಸ್‌ಫರ್ಡ್ ಡಿಕ್ಷನರಿ 2024ರ ವರ್ಷದ ಪದವಾಗಿ 'Brain Rot' ಎಂಬುದನ್ನು ಆಯ್ಕೆ ಮಾಡಿತ್ತು. 2025ರ ಪದವಾಗಿ 'Ragebait' ಆಯ್ಕೆಯಾಗಿದೆ. ಇದು ಡಿಜಿಟಲ್ ಜಗತ್ತು ನಮ್ಮ ಮನಸ್ಸಿನ ಮೇಲೆ ಬೀರುತ್ತಿರುವ ಪರಿಣಾಮದ ಸೂಚಕ. ಡಿಜಿಟಲ್ ವ್ಯಸನ ಕೇವಲ ಮಾನಸಿಕ ಸಮಸ್ಯೆಯಷ್ಟೇ ಅಲ್ಲ, ಆರ್ಥಿಕ ಸಮಸ್ಯೆಯೂ ಹೌದು. ಆನ್‌ಲೈನ್ ಶಾಪಿಂಗ್, ಡಿಜಿಟಲ್ ಸಾಲಗಳು, EMI-ಆಧಾರಿತ ಖರೀದಿ, 'Buy Now – Pay Later' ಆಫರ್‌ಗಳು ಜನರನ್ನು ಅನಗತ್ಯ ಖರ್ಚಿನತ್ತ ಸೆಳೆಯುತ್ತಿವೆ.

ಅವುಗಳ ನಿರಂತರ ಬಳಕೆಯಿಂದ ಯುವಜನರು ಸಾಲದ ಸುಳಿಗೆ ಸಿಲುಕುತ್ತಿದ್ದಾರೆ. ಇದೆಲ್ಲದರಿಂದ ಮುಕ್ತರಾಗಲು ಆತ್ಮಸಂಯಮ ಅಗತ್ಯ. ಭಾರತದಲ್ಲಿ ಸ್ಮಾರ್ಟ್‌ಫೋನ್ ಬಳಕೆದಾರರ ಸಂಖ್ಯೆ ಸುಮಾರು 75 ಕೋಟಿ ದಾಟಿದೆ. ಸರಾಸರಿ ಭಾರತೀಯ ದಿನಕ್ಕೆ ಐದು ಗಂಟೆಗೂ ಹೆಚ್ಚು ಸಮಯವನ್ನು ಮೊಬೈಲ್‌ನಲ್ಲಿ ಕಳೆಯುತ್ತಾನೆ. ಅದರಲ್ಲಿ ಶೇ 25-30ರಷ್ಟು ಸಮಯ ಕೇವಲ ಮನರಂಜನೆಗೆ. ಕುಟುಂಬದೊಂದಿಗೆ ಕಳೆಯಬೇಕಾದ ಅಮೂಲ್ಯ ಸಮಯ ಪರದೆಯ ಪಾಲಾಗುತ್ತಿದೆ. ಇದರಿಂದ ಸಂಬಂಧಗಳು ಸಡಿಲವಾಗುತ್ತಿವೆ.

'ಡಿಜಿಟಲ್ ಉಪವಾಸ' ಬೇಕು

ಈ ಎಲ್ಲಾ ಸಮಸ್ಯೆಗಳಿಗೆ ಪರಿಹಾರ ನಮ್ಮ ಸನಾತನ ಸಂಸ್ಕೃತಿಯಲ್ಲೇ ಇದೆ. ಒಂದು ದಿನ ಅಥವಾ ಕೆಲವು ಗಂಟೆಗಳ ಕಾಲ ಡಿಜಿಟಲ್ ಸಾಧನಗಳನ್ನು ಬದಿಗಿಟ್ಟು ಮನಸ್ಸಿಗೆ ವಿಶ್ರಾಂತಿ ನೀಡುವುದು ಅಗತ್ಯ. ಮನೆಯಲ್ಲಿ 'ಡಿಜಿಟಲ್ ಮುಕ್ತ ವಲಯ' ನಿರ್ಮಿಸಬಹುದು. ಊಟದ ಸಮಯದಲ್ಲಿ ಫೋನ್ ಬಳಕೆ ನಿಷೇಧಿಸಬಹುದು. ಮಲಗುವ ಕೋಣೆಯಿಂದ ಮೊಬೈಲ್ ದೂರವಿಡಬಹುದು. Algorithmಗಳ ಬಲೆಯಿಂದ ಹೊರಬರಲು ಪ್ರಜ್ಞಾಪೂರ್ವಕ ಪ್ರಯತ್ನ ಬೇಕು. ಮಕ್ಕಳಿಗೆ ಆಟ, ಓದು, ಕಲೆಯತ್ತ ಆಸಕ್ತಿ ಮೂಡಿಸಬೇಕು. ಹಿರಿಯರು ಮಾದರಿಯಾಗಬೇಕು.

ತಂತ್ರಜ್ಞಾನ ವಿರೋಧಿ ಚಳವಳಿಯಲ್ಲ

ಡಿಜಿಟಲ್ ಏಕಾದಶಿ ತಂತ್ರಜ್ಞಾನ ವಿರೋಧಿ ಚಳವಳಿಯಲ್ಲ. ಅದು ತಂತ್ರಜ್ಞಾನವನ್ನು ನಿಯಂತ್ರಿಸುವ ವಿವೇಕ. ಸಮತೋಲಿತ ಬಳಕೆಯ ಮೂಲಕ ನಾವು ತಂತ್ರಜ್ಞಾನದ ಲಾಭ ಪಡೆಯುತ್ತಲೇ ನಮ್ಮ ಮಾನಸಿಕ ಆರೋಗ್ಯವನ್ನು ಕಾಪಾಡಿಕೊಳ್ಳಬಹುದು. ಸನಾತನ ಸಂಸ್ಕೃತಿ ಎಂದಿಗೂ ಬದಲಾವಣೆಯನ್ನು ವಿರೋಧಿಸಿಲ್ಲ. ಬದಲಿಗೆ ಬದಲಾವಣೆಯೊಂದಿಗೆ ಸಮನ್ವಯ ಸಾಧಿಸುವ ದಾರಿ ತೋರಿದೆ. ಆದರಿಂದ, ಡಿಜಿಟಲ್ ಏಕಾದಶಿ ಎಂಬುದು ಕೇವಲ ಒಂದು ಆಚರಣೆಯಲ್ಲ, ಅದು ಆಧುನಿಕ ಜಗತ್ತಿನಲ್ಲಿ ಮನುಷ್ಯನ ಆತ್ಮರಕ್ಷಣೆಯ ಕವಚ. ಇದನ್ನು ಅಳವಡಿಸಿಕೊಂಡರೆ ನಮ್ಮ ಬದುಕು ಹೆಚ್ಚು ಅರ್ಥಪೂರ್ಣ ಹಾಗೂ ನೆಮ್ಮದಿಯಿಂದ ಕೂಡಿರುತ್ತದೆ.
